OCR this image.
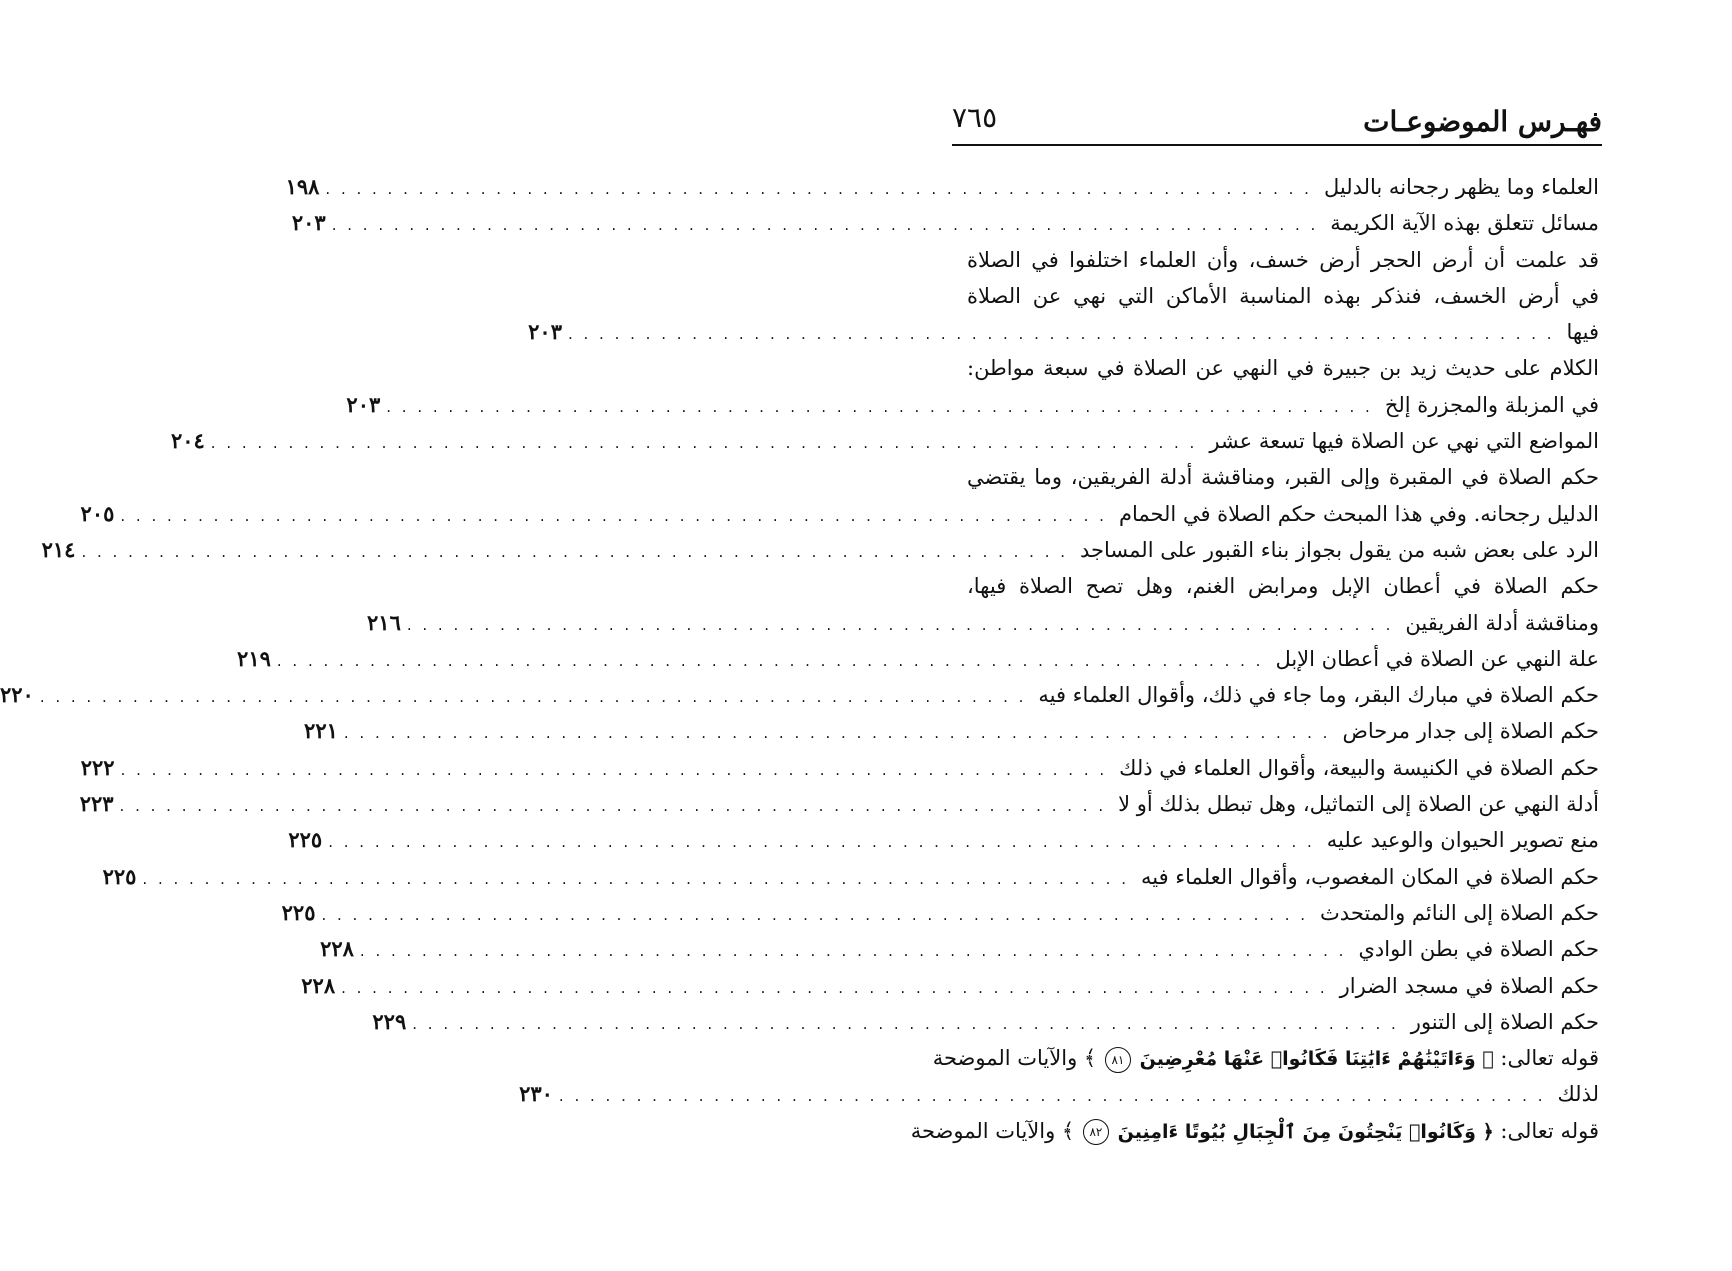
فهـرس الموضوعـات
٧٦٥
العلماء وما يظهر رجحانه بالدليل
. . . . . . . . . . . . . . . . . . . . . . . . . . . . . . . . . . . . . . . . . . . . . . . . . . . . . . . . . . . . . . . .
١٩٨
مسائل تتعلق بهذه الآية الكريمة
. . . . . . . . . . . . . . . . . . . . . . . . . . . . . . . . . . . . . . . . . . . . . . . . . . . . . . . . . . . . . . . .
٢٠٣
قد علمت أن أرض الحجر أرض خسف، وأن العلماء اختلفوا في الصلاة
في أرض الخسف، فنذكر بهذه المناسبة الأماكن التي نهي عن الصلاة
فيها
. . . . . . . . . . . . . . . . . . . . . . . . . . . . . . . . . . . . . . . . . . . . . . . . . . . . . . . . . . . . . . . .
٢٠٣
الكلام على حديث زيد بن جبيرة في النهي عن الصلاة في سبعة مواطن:
في المزبلة والمجزرة إلخ
. . . . . . . . . . . . . . . . . . . . . . . . . . . . . . . . . . . . . . . . . . . . . . . . . . . . . . . . . . . . . . . .
٢٠٣
المواضع التي نهي عن الصلاة فيها تسعة عشر
. . . . . . . . . . . . . . . . . . . . . . . . . . . . . . . . . . . . . . . . . . . . . . . . . . . . . . . . . . . . . . . .
٢٠٤
حكم الصلاة في المقبرة وإلى القبر، ومناقشة أدلة الفريقين، وما يقتضي
الدليل رجحانه. وفي هذا المبحث حكم الصلاة في الحمام
. . . . . . . . . . . . . . . . . . . . . . . . . . . . . . . . . . . . . . . . . . . . . . . . . . . . . . . . . . . . . . . .
٢٠٥
الرد على بعض شبه من يقول بجواز بناء القبور على المساجد
. . . . . . . . . . . . . . . . . . . . . . . . . . . . . . . . . . . . . . . . . . . . . . . . . . . . . . . . . . . . . . . .
٢١٤
حكم الصلاة في أعطان الإبل ومرابض الغنم، وهل تصح الصلاة فيها،
ومناقشة أدلة الفريقين
. . . . . . . . . . . . . . . . . . . . . . . . . . . . . . . . . . . . . . . . . . . . . . . . . . . . . . . . . . . . . . . .
٢١٦
علة النهي عن الصلاة في أعطان الإبل
. . . . . . . . . . . . . . . . . . . . . . . . . . . . . . . . . . . . . . . . . . . . . . . . . . . . . . . . . . . . . . . .
٢١٩
حكم الصلاة في مبارك البقر، وما جاء في ذلك، وأقوال العلماء فيه
. . . . . . . . . . . . . . . . . . . . . . . . . . . . . . . . . . . . . . . . . . . . . . . . . . . . . . . . . . . . . . . .
٢٢٠
حكم الصلاة إلى جدار مرحاض
. . . . . . . . . . . . . . . . . . . . . . . . . . . . . . . . . . . . . . . . . . . . . . . . . . . . . . . . . . . . . . . .
٢٢١
حكم الصلاة في الكنيسة والبيعة، وأقوال العلماء في ذلك
. . . . . . . . . . . . . . . . . . . . . . . . . . . . . . . . . . . . . . . . . . . . . . . . . . . . . . . . . . . . . . . .
٢٢٢
أدلة النهي عن الصلاة إلى التماثيل، وهل تبطل بذلك أو لا
. . . . . . . . . . . . . . . . . . . . . . . . . . . . . . . . . . . . . . . . . . . . . . . . . . . . . . . . . . . . . . . .
٢٢٣
منع تصوير الحيوان والوعيد عليه
. . . . . . . . . . . . . . . . . . . . . . . . . . . . . . . . . . . . . . . . . . . . . . . . . . . . . . . . . . . . . . . .
٢٢٥
حكم الصلاة في المكان المغصوب، وأقوال العلماء فيه
. . . . . . . . . . . . . . . . . . . . . . . . . . . . . . . . . . . . . . . . . . . . . . . . . . . . . . . . . . . . . . . .
٢٢٥
حكم الصلاة إلى النائم والمتحدث
. . . . . . . . . . . . . . . . . . . . . . . . . . . . . . . . . . . . . . . . . . . . . . . . . . . . . . . . . . . . . . . .
٢٢٥
حكم الصلاة في بطن الوادي
. . . . . . . . . . . . . . . . . . . . . . . . . . . . . . . . . . . . . . . . . . . . . . . . . . . . . . . . . . . . . . . .
٢٢٨
حكم الصلاة في مسجد الضرار
. . . . . . . . . . . . . . . . . . . . . . . . . . . . . . . . . . . . . . . . . . . . . . . . . . . . . . . . . . . . . . . .
٢٢٨
حكم الصلاة إلى التنور
. . . . . . . . . . . . . . . . . . . . . . . . . . . . . . . . . . . . . . . . . . . . . . . . . . . . . . . . . . . . . . . .
٢٢٩
قوله تعالى: ﴿ وَءَاتَيْنَٰهُمْ ءَايَٰتِنَا فَكَانُوا۟ عَنْهَا مُعْرِضِينَ ٨١ ﴾ والآيات الموضحة
لذلك
. . . . . . . . . . . . . . . . . . . . . . . . . . . . . . . . . . . . . . . . . . . . . . . . . . . . . . . . . . . . . . . .
٢٣٠
قوله تعالى: ﴿ وَكَانُوا۟ يَنْحِتُونَ مِنَ ٱلْجِبَالِ بُيُوتًا ءَامِنِينَ ٨٢ ﴾ والآيات الموضحة
